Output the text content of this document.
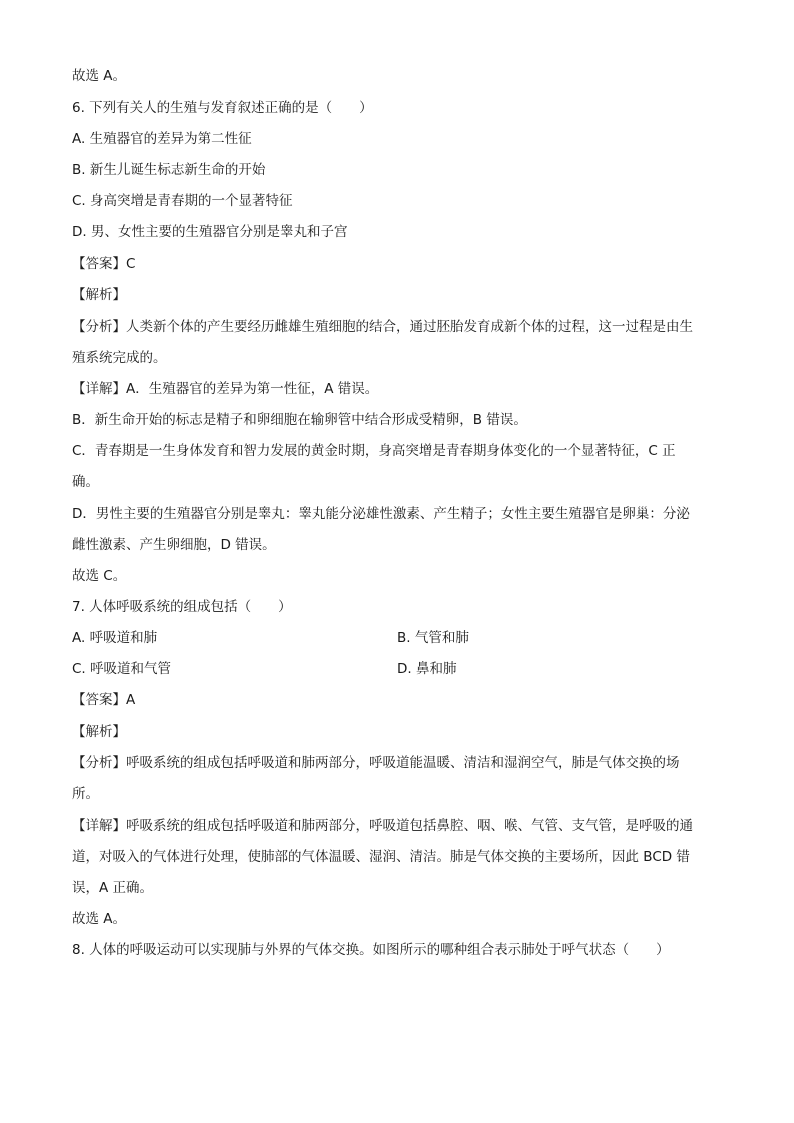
故选 A。
6. 下列有关人的生殖与发育叙述正确的是（　　）
A. 生殖器官的差异为第二性征
B. 新生儿诞生标志新生命的开始
C. 身高突增是青春期的一个显著特征
D. 男、女性主要的生殖器官分别是睾丸和子宫
【答案】C
【解析】
【分析】人类新个体的产生要经历雌雄生殖细胞的结合，通过胚胎发育成新个体的过程，这一过程是由生
殖系统完成的。
【详解】A．生殖器官的差异为第一性征，A 错误。
B．新生命开始的标志是精子和卵细胞在输卵管中结合形成受精卵，B 错误。
C．青春期是一生身体发育和智力发展的黄金时期，身高突增是青春期身体变化的一个显著特征，C 正
确。
D．男性主要的生殖器官分别是睾丸：睾丸能分泌雄性激素、产生精子；女性主要生殖器官是卵巢：分泌
雌性激素、产生卵细胞，D 错误。
故选 C。
7. 人体呼吸系统的组成包括（　　）
A. 呼吸道和肺	B. 气管和肺
C. 呼吸道和气管	D. 鼻和肺
【答案】A
【解析】
【分析】呼吸系统的组成包括呼吸道和肺两部分，呼吸道能温暖、清洁和湿润空气，肺是气体交换的场
所。
【详解】呼吸系统的组成包括呼吸道和肺两部分，呼吸道包括鼻腔、咽、喉、气管、支气管，是呼吸的通
道，对吸入的气体进行处理，使肺部的气体温暖、湿润、清洁。肺是气体交换的主要场所，因此 BCD 错
误，A 正确。
故选 A。
8. 人体的呼吸运动可以实现肺与外界的气体交换。如图所示的哪种组合表示肺处于呼气状态（　　）
